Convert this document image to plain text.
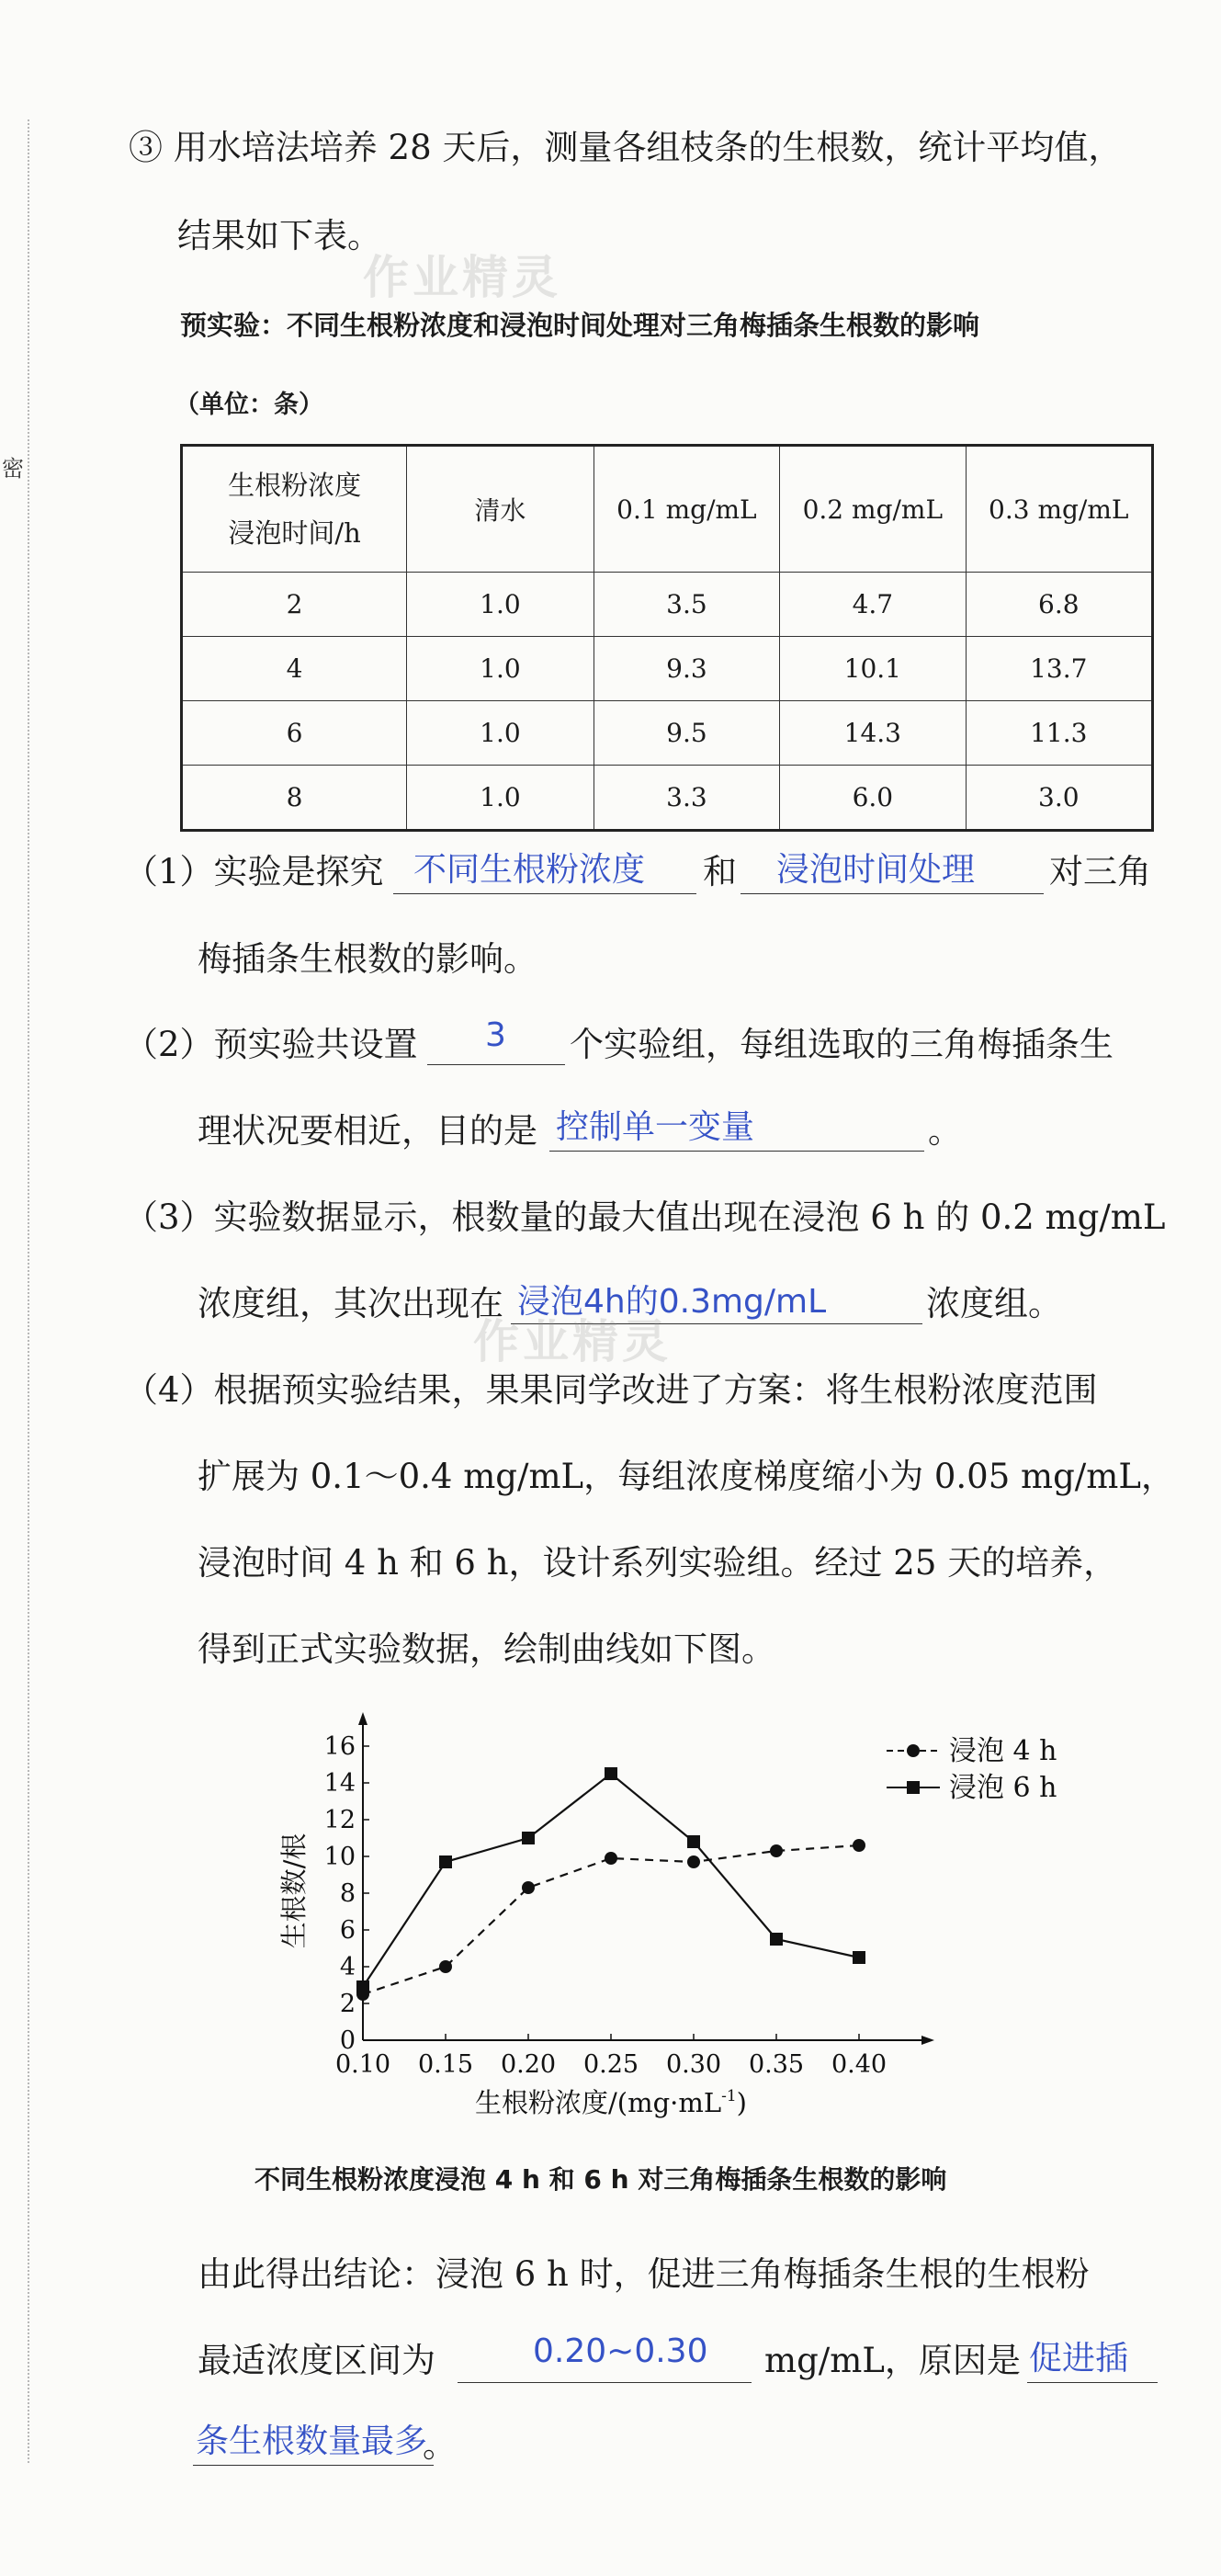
密
③ 用水培法培养 28 天后，测量各组枝条的生根数，统计平均值，
结果如下表。
作业精灵
预实验：不同生根粉浓度和浸泡时间处理对三角梅插条生根数的影响
（单位：条）
生根粉浓度
浸泡时间/h	清水	0.1 mg/mL	0.2 mg/mL	0.3 mg/mL
2	1.0	3.5	4.7	6.8
4	1.0	9.3	10.1	13.7
6	1.0	9.5	14.3	11.3
8	1.0	3.3	6.0	3.0
（1）实验是探究 不同生根粉浓度 和 浸泡时间处理 对三角
梅插条生根数的影响。
（2）预实验共设置 3 个实验组，每组选取的三角梅插条生
理状况要相近，目的是 控制单一变量	。
（3）实验数据显示，根数量的最大值出现在浸泡 6 h 的 0.2 mg/mL
浓度组，其次出现在 浸泡4h的0.3mg/mL	浓度组。
作业精灵
（4）根据预实验结果，果果同学改进了方案：将生根粉浓度范围
扩展为 0.1～0.4 mg/mL，每组浓度梯度缩小为 0.05 mg/mL，
浸泡时间 4 h 和 6 h，设计系列实验组。经过 25 天的培养，
得到正式实验数据，绘制曲线如下图。
0
2
4
6
8
10
12
14
16
0.10 0.15 0.20 0.25 0.30 0.35 0.40
生根数/根
生根粉浓度$/(mg\cdot mL^{-1})$
浸泡 4 h
浸泡 6 h
不同生根粉浓度浸泡 4 h 和 6 h 对三角梅插条生根数的影响
由此得出结论：浸泡 6 h 时，促进三角梅插条生根的生根粉
最适浓度区间为	0.20~0.30 mg/mL，原因是 促进插
条生根数量最多
。
